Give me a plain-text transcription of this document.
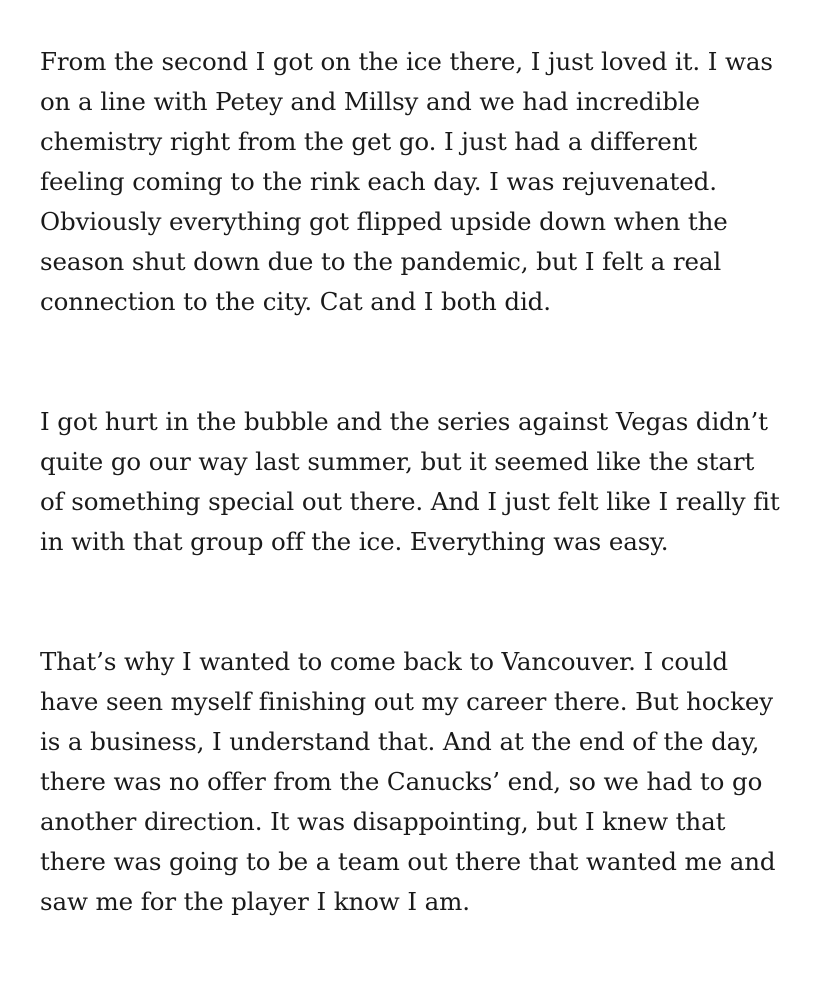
From the second I got on the ice there, I just loved it. I was
on a line with Petey and Millsy and we had incredible
chemistry right from the get go. I just had a different
feeling coming to the rink each day. I was rejuvenated.
Obviously everything got flipped upside down when the
season shut down due to the pandemic, but I felt a real
connection to the city. Cat and I both did.

I got hurt in the bubble and the series against Vegas didn’t
quite go our way last summer, but it seemed like the start
of something special out there. And I just felt like I really fit
in with that group off the ice. Everything was easy.

That’s why I wanted to come back to Vancouver. I could
have seen myself finishing out my career there. But hockey
is a business, I understand that. And at the end of the day,
there was no offer from the Canucks’ end, so we had to go
another direction. It was disappointing, but I knew that
there was going to be a team out there that wanted me and
saw me for the player I know I am.
